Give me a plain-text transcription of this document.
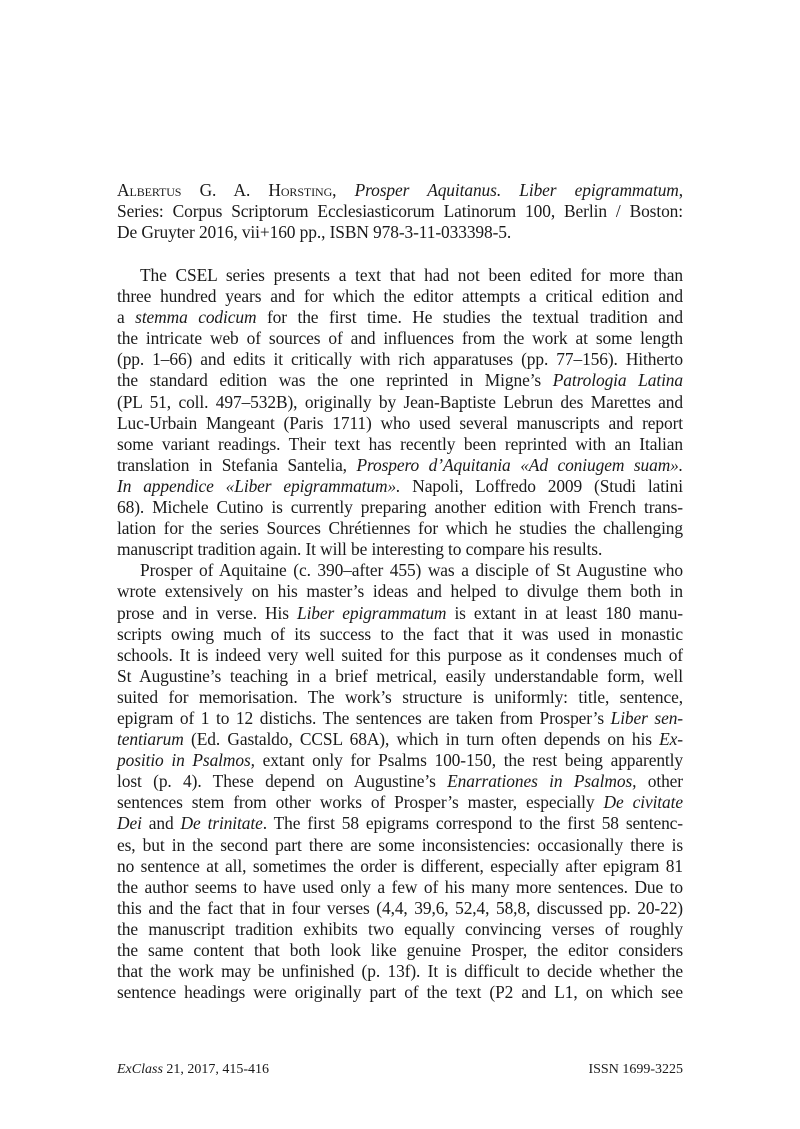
Albertus G. A. Horsting, Prosper Aquitanus. Liber epigrammatum,
Series: Corpus Scriptorum Ecclesiasticorum Latinorum 100, Berlin / Boston:
De Gruyter 2016, vii+160 pp., ISBN 978-3-11-033398-5.
The CSEL series presents a text that had not been edited for more than
three hundred years and for which the editor attempts a critical edition and
a stemma codicum for the first time. He studies the textual tradition and
the intricate web of sources of and influences from the work at some length
(pp. 1–66) and edits it critically with rich apparatuses (pp. 77–156). Hitherto
the standard edition was the one reprinted in Migne’s Patrologia Latina
(PL 51, coll. 497–532B), originally by Jean-Baptiste Lebrun des Marettes and
Luc-Urbain Mangeant (Paris 1711) who used several manuscripts and report
some variant readings. Their text has recently been reprinted with an Italian
translation in Stefania Santelia, Prospero d’Aquitania «Ad coniugem suam».
In appendice «Liber epigrammatum». Napoli, Loffredo 2009 (Studi latini
68). Michele Cutino is currently preparing another edition with French trans-
lation for the series Sources Chrétiennes for which he studies the challenging
manuscript tradition again. It will be interesting to compare his results.
Prosper of Aquitaine (c. 390–after 455) was a disciple of St Augustine who
wrote extensively on his master’s ideas and helped to divulge them both in
prose and in verse. His Liber epigrammatum is extant in at least 180 manu-
scripts owing much of its success to the fact that it was used in monastic
schools. It is indeed very well suited for this purpose as it condenses much of
St Augustine’s teaching in a brief metrical, easily understandable form, well
suited for memorisation. The work’s structure is uniformly: title, sentence,
epigram of 1 to 12 distichs. The sentences are taken from Prosper’s Liber sen-
tentiarum (Ed. Gastaldo, CCSL 68A), which in turn often depends on his Ex-
positio in Psalmos, extant only for Psalms 100-150, the rest being apparently
lost (p. 4). These depend on Augustine’s Enarrationes in Psalmos, other
sentences stem from other works of Prosper’s master, especially De civitate
Dei and De trinitate. The first 58 epigrams correspond to the first 58 sentenc-
es, but in the second part there are some inconsistencies: occasionally there is
no sentence at all, sometimes the order is different, especially after epigram 81
the author seems to have used only a few of his many more sentences. Due to
this and the fact that in four verses (4,4, 39,6, 52,4, 58,8, discussed pp. 20-22)
the manuscript tradition exhibits two equally convincing verses of roughly
the same content that both look like genuine Prosper, the editor considers
that the work may be unfinished (p. 13f). It is difficult to decide whether the
sentence headings were originally part of the text (P2 and L1, on which see
ExClass 21, 2017, 415-416	ISSN 1699-3225
